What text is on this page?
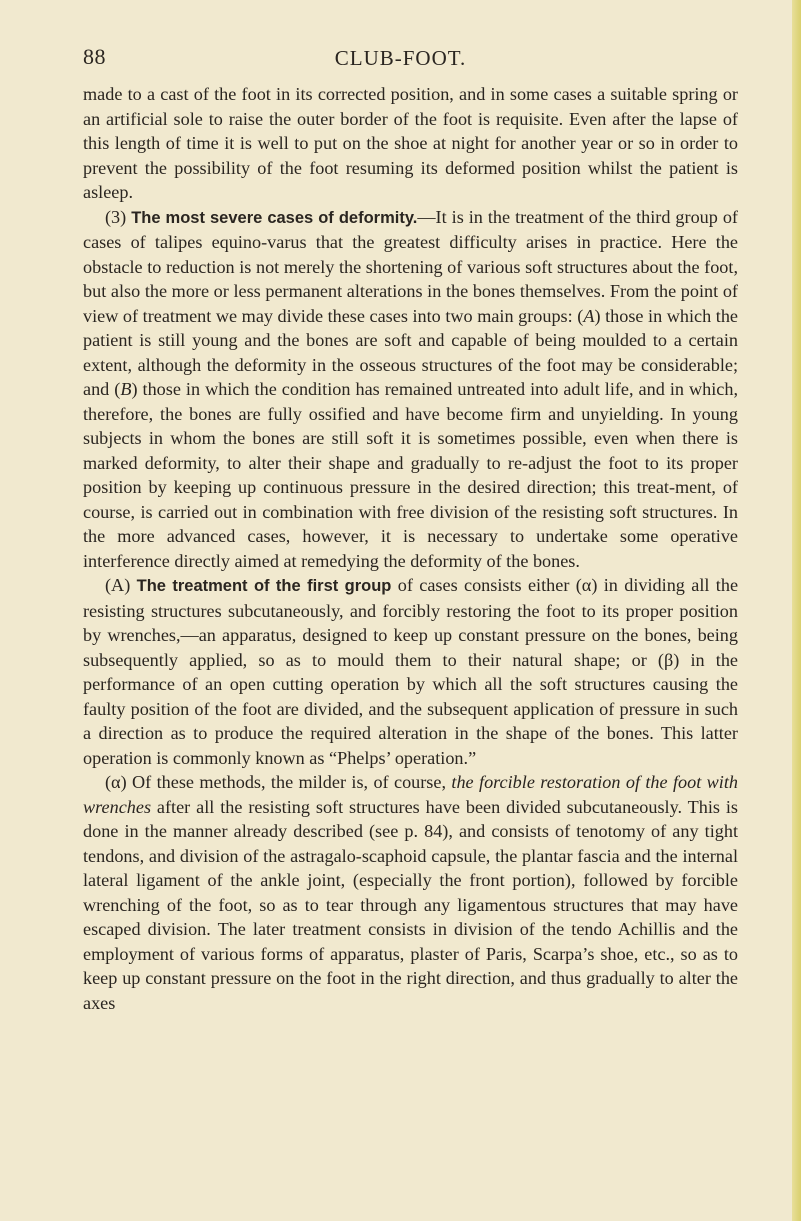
88	CLUB-FOOT.

made to a cast of the foot in its corrected position, and in some cases a suitable spring or an artificial sole to raise the outer border of the foot is requisite. Even after the lapse of this length of time it is well to put on the shoe at night for another year or so in order to prevent the possibility of the foot resuming its deformed position whilst the patient is asleep.

(3) The most severe cases of deformity.—It is in the treatment of the third group of cases of talipes equino-varus that the greatest difficulty arises in practice. Here the obstacle to reduction is not merely the shortening of various soft structures about the foot, but also the more or less permanent alterations in the bones themselves. From the point of view of treatment we may divide these cases into two main groups: (A) those in which the patient is still young and the bones are soft and capable of being moulded to a certain extent, although the deformity in the osseous structures of the foot may be considerable; and (B) those in which the condition has remained untreated into adult life, and in which, therefore, the bones are fully ossified and have become firm and unyielding. In young subjects in whom the bones are still soft it is sometimes possible, even when there is marked deformity, to alter their shape and gradually to re-adjust the foot to its proper position by keeping up continuous pressure in the desired direction; this treat-ment, of course, is carried out in combination with free division of the resisting soft structures. In the more advanced cases, however, it is necessary to undertake some operative interference directly aimed at remedying the deformity of the bones.

(A) The treatment of the first group of cases consists either (α) in dividing all the resisting structures subcutaneously, and forcibly restoring the foot to its proper position by wrenches,—an apparatus, designed to keep up constant pressure on the bones, being subsequently applied, so as to mould them to their natural shape; or (β) in the performance of an open cutting operation by which all the soft structures causing the faulty position of the foot are divided, and the subsequent application of pressure in such a direction as to produce the required alteration in the shape of the bones. This latter operation is commonly known as “Phelps’ operation.”

(α) Of these methods, the milder is, of course, the forcible restoration of the foot with wrenches after all the resisting soft structures have been divided subcutaneously. This is done in the manner already described (see p. 84), and consists of tenotomy of any tight tendons, and division of the astragalo-scaphoid capsule, the plantar fascia and the internal lateral ligament of the ankle joint, (especially the front portion), followed by forcible wrenching of the foot, so as to tear through any ligamentous structures that may have escaped division. The later treatment consists in division of the tendo Achillis and the employment of various forms of apparatus, plaster of Paris, Scarpa’s shoe, etc., so as to keep up constant pressure on the foot in the right direction, and thus gradually to alter the axes
